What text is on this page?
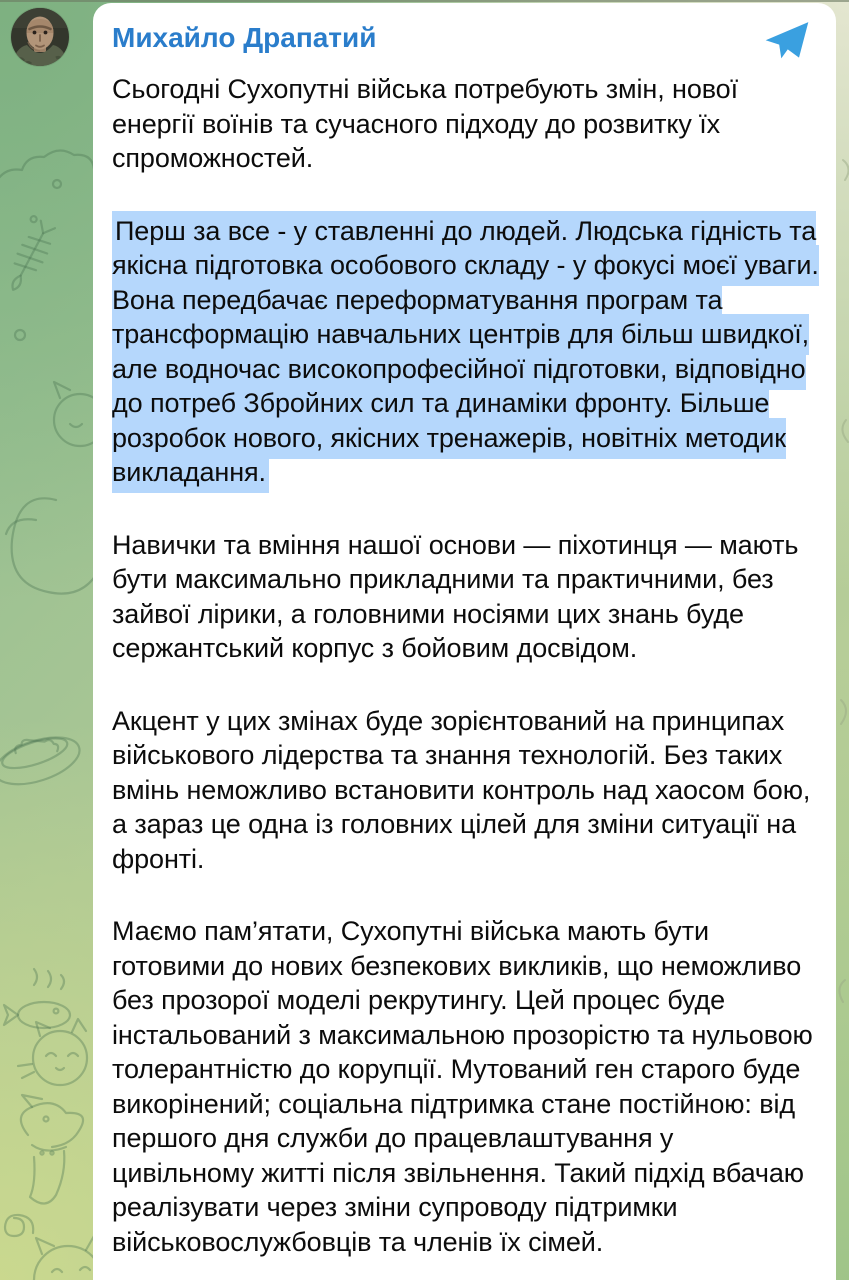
Михайло Драпатий

Сьогодні Сухопутні війська потребують змін, нової енергії воїнів та сучасного підходу до розвитку їх спроможностей.

Перш за все - у ставленні до людей. Людська гідність та якісна підготовка особового складу - у фокусі моєї уваги. Вона передбачає переформатування програм та трансформацію навчальних центрів для більш швидкої, але водночас високопрофесійної підготовки, відповідно до потреб Збройних сил та динаміки фронту. Більше розробок нового, якісних тренажерів, новітніх методик викладання.

Навички та вміння нашої основи — піхотинця — мають бути максимально прикладними та практичними, без зайвої лірики, а головними носіями цих знань буде сержантський корпус з бойовим досвідом.

Акцент у цих змінах буде зорієнтований на принципах військового лідерства та знання технологій. Без таких вмінь неможливо встановити контроль над хаосом бою, а зараз це одна із головних цілей для зміни ситуації на фронті.

Маємо пам’ятати, Сухопутні війська мають бути готовими до нових безпекових викликів, що неможливо без прозорої моделі рекрутингу. Цей процес буде інстальований з максимальною прозорістю та нульовою толерантністю до корупції. Мутований ген старого буде викорінений; соціальна підтримка стане постійною: від першого дня служби до працевлаштування у цивільному житті після звільнення. Такий підхід вбачаю реалізувати через зміни супроводу підтримки військовослужбовців та членів їх сімей.
